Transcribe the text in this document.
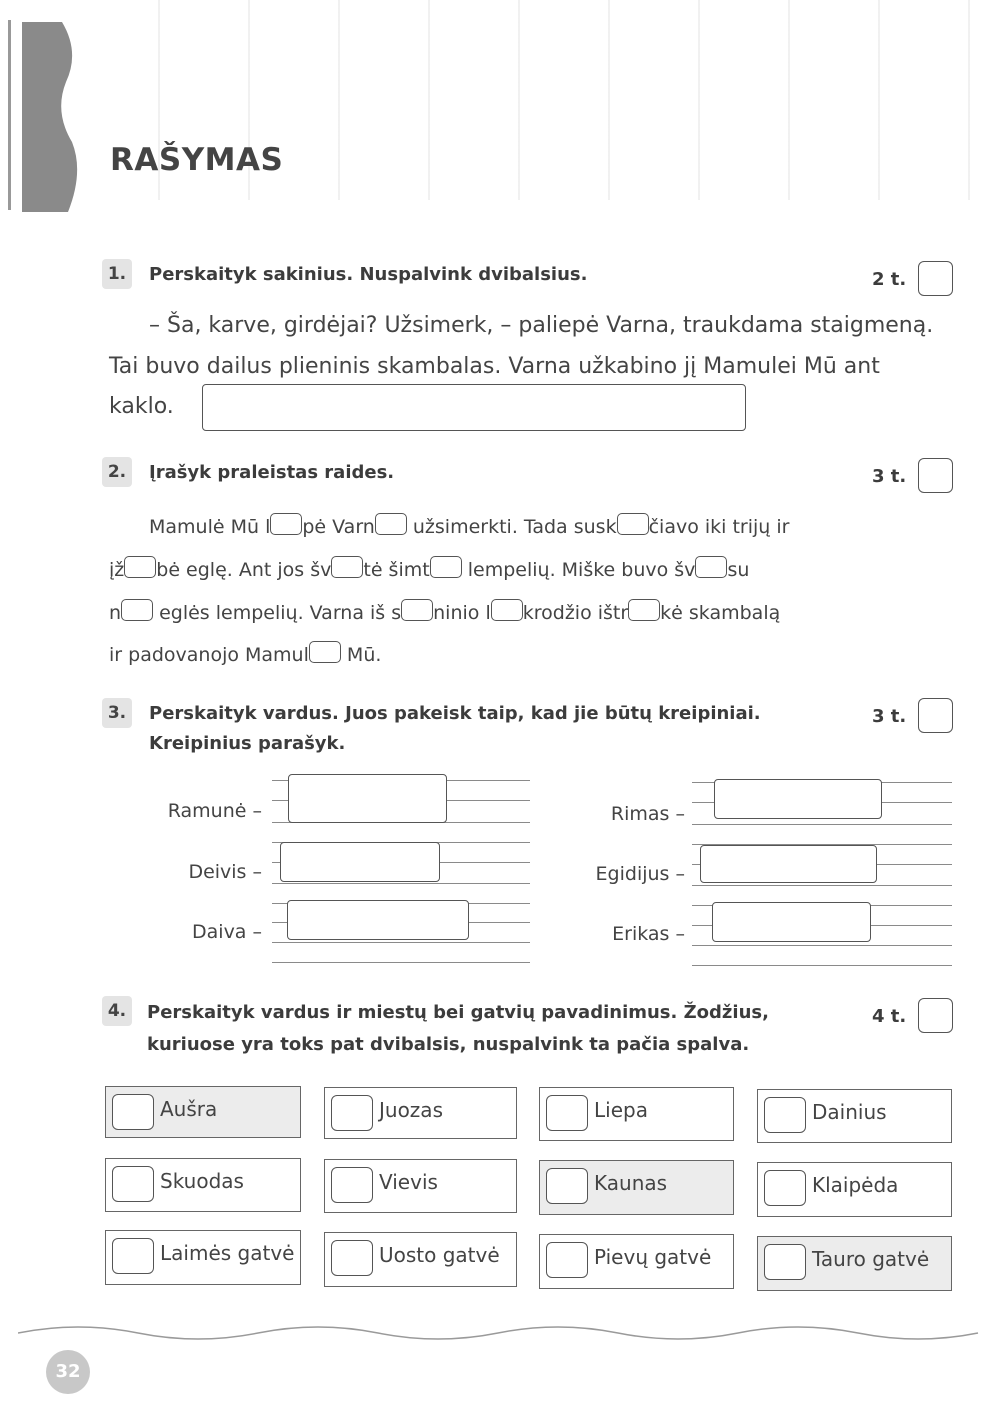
RAŠYMAS
1.	Perskaityk sakinius. Nuspalvink dvibalsius.	2 t.
– Ša, karve, girdėjai? Užsimerk, – paliepė Varna, traukdama staigmeną.
Tai buvo dailus plieninis skambalas. Varna užkabino jį Mamulei Mū ant
kaklo.
2.	Įrašyk praleistas raides.	3 t.
Mamulė Mū l pė Varn užsimerkti. Tada susk čiavo iki trijų ir
įž bė eglę. Ant jos šv tė šimt lempelių. Miške buvo šv su
n eglės lempelių. Varna iš s ninio l krodžio ištr kė skambalą
ir padovanojo Mamul Mū.
3.	Perskaityk vardus. Juos pakeisk taip, kad jie būtų kreipiniai.
Kreipinius parašyk.
3 t.
Ramunė –
Deivis –
Daiva –
Rimas –
Egidijus –
Erikas –
4.	Perskaityk vardus ir miestų bei gatvių pavadinimus. Žodžius,
kuriuose yra toks pat dvibalsis, nuspalvink ta pačia spalva.
4 t.
Aušra	Juozas	Liepa	Dainius
Skuodas	Vievis	Kaunas	Klaipėda
Laimės gatvė	Uosto gatvė	Pievų gatvė	Tauro gatvė
32
